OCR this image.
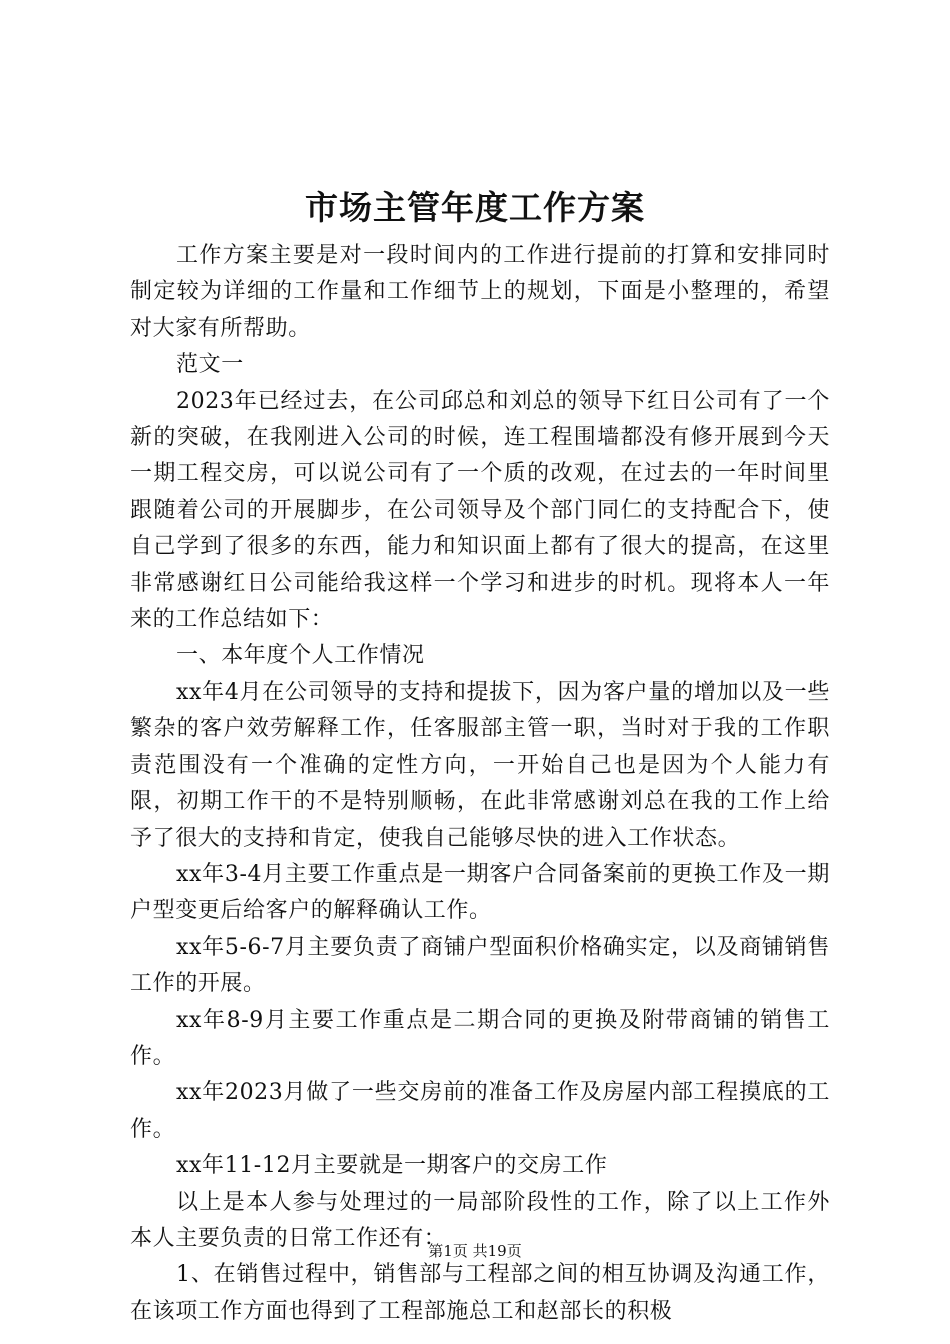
市场主管年度工作方案

工作方案主要是对一段时间内的工作进行提前的打算和安排同时制定较为详细的工作量和工作细节上的规划，下面是小整理的，希望对大家有所帮助。

范文一

2023年已经过去，在公司邱总和刘总的领导下红日公司有了一个新的突破，在我刚进入公司的时候，连工程围墙都没有修开展到今天一期工程交房，可以说公司有了一个质的改观，在过去的一年时间里跟随着公司的开展脚步，在公司领导及个部门同仁的支持配合下，使自己学到了很多的东西，能力和知识面上都有了很大的提高，在这里非常感谢红日公司能给我这样一个学习和进步的时机。现将本人一年来的工作总结如下：

一、本年度个人工作情况

xx年4月在公司领导的支持和提拔下，因为客户量的增加以及一些繁杂的客户效劳解释工作，任客服部主管一职，当时对于我的工作职责范围没有一个准确的定性方向，一开始自己也是因为个人能力有限，初期工作干的不是特别顺畅，在此非常感谢刘总在我的工作上给予了很大的支持和肯定，使我自己能够尽快的进入工作状态。

xx年3-4月主要工作重点是一期客户合同备案前的更换工作及一期户型变更后给客户的解释确认工作。

xx年5-6-7月主要负责了商铺户型面积价格确实定，以及商铺销售工作的开展。

xx年8-9月主要工作重点是二期合同的更换及附带商铺的销售工作。

xx年2023月做了一些交房前的准备工作及房屋内部工程摸底的工作。

xx年11-12月主要就是一期客户的交房工作

以上是本人参与处理过的一局部阶段性的工作，除了以上工作外本人主要负责的日常工作还有：

1、在销售过程中，销售部与工程部之间的相互协调及沟通工作，在该项工作方面也得到了工程部施总工和赵部长的积极

第1页 共19页
